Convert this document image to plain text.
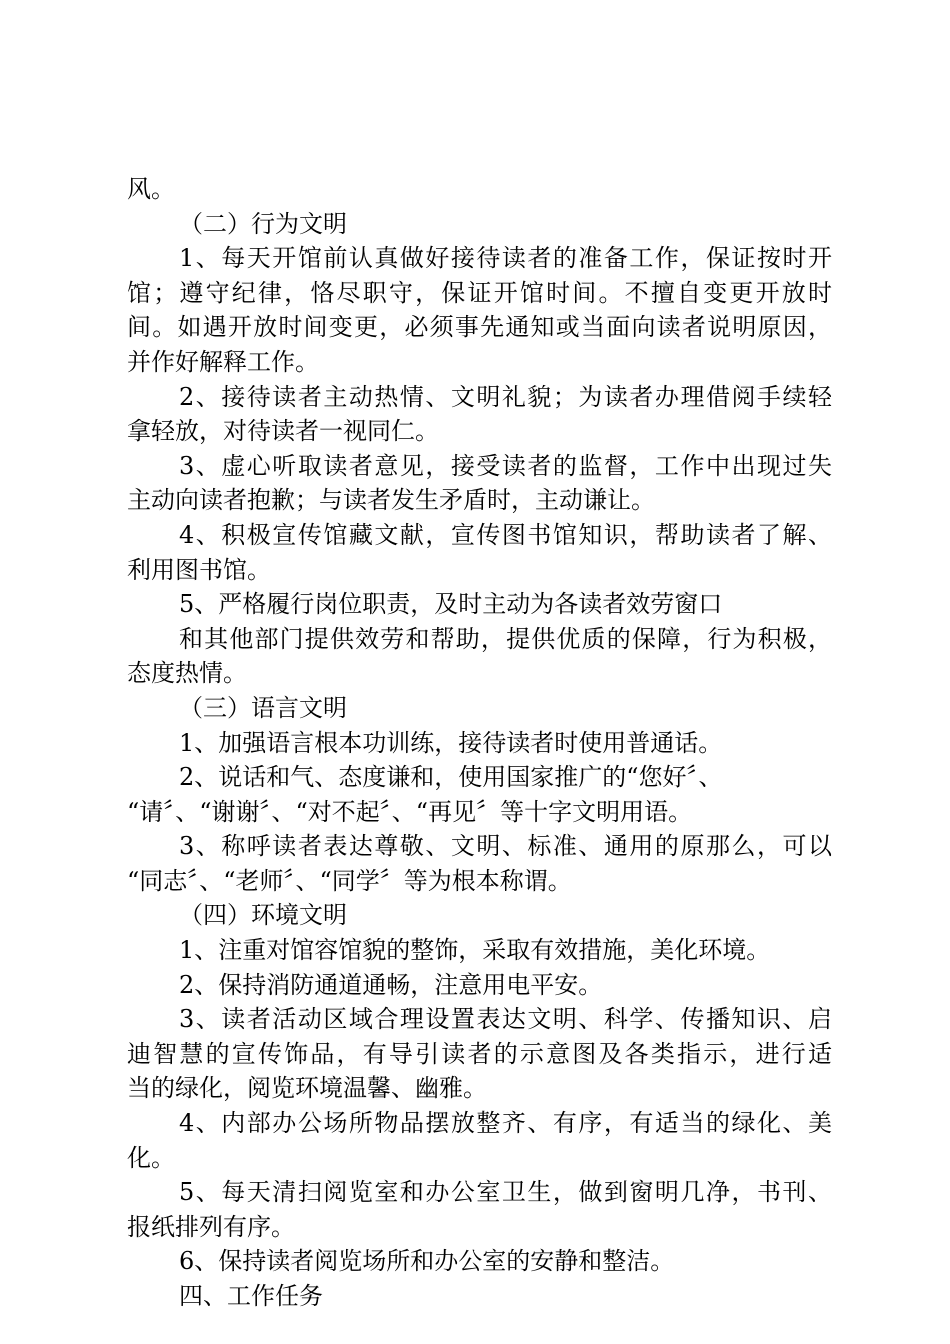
风。
（二）行为文明
1、每天开馆前认真做好接待读者的准备工作，保证按时开
馆；遵守纪律，恪尽职守，保证开馆时间。不擅自变更开放时
间。如遇开放时间变更，必须事先通知或当面向读者说明原因，
并作好解释工作。
2、接待读者主动热情、文明礼貌；为读者办理借阅手续轻
拿轻放，对待读者一视同仁。
3、虚心听取读者意见，接受读者的监督，工作中出现过失
主动向读者抱歉；与读者发生矛盾时，主动谦让。
4、积极宣传馆藏文献，宣传图书馆知识，帮助读者了解、
利用图书馆。
5、严格履行岗位职责，及时主动为各读者效劳窗口
和其他部门提供效劳和帮助，提供优质的保障，行为积极，
态度热情。
（三）语言文明
1、加强语言根本功训练，接待读者时使用普通话。
2、说话和气、态度谦和，使用国家推广的“您好〞、
“请〞、“谢谢〞、“对不起〞、“再见〞等十字文明用语。
3、称呼读者表达尊敬、文明、标准、通用的原那么，可以
“同志〞、“老师〞、“同学〞等为根本称谓。
（四）环境文明
1、注重对馆容馆貌的整饰，采取有效措施，美化环境。
2、保持消防通道通畅，注意用电平安。
3、读者活动区域合理设置表达文明、科学、传播知识、启
迪智慧的宣传饰品，有导引读者的示意图及各类指示，进行适
当的绿化，阅览环境温馨、幽雅。
4、内部办公场所物品摆放整齐、有序，有适当的绿化、美
化。
5、每天清扫阅览室和办公室卫生，做到窗明几净，书刊、
报纸排列有序。
6、保持读者阅览场所和办公室的安静和整洁。
四、工作任务
